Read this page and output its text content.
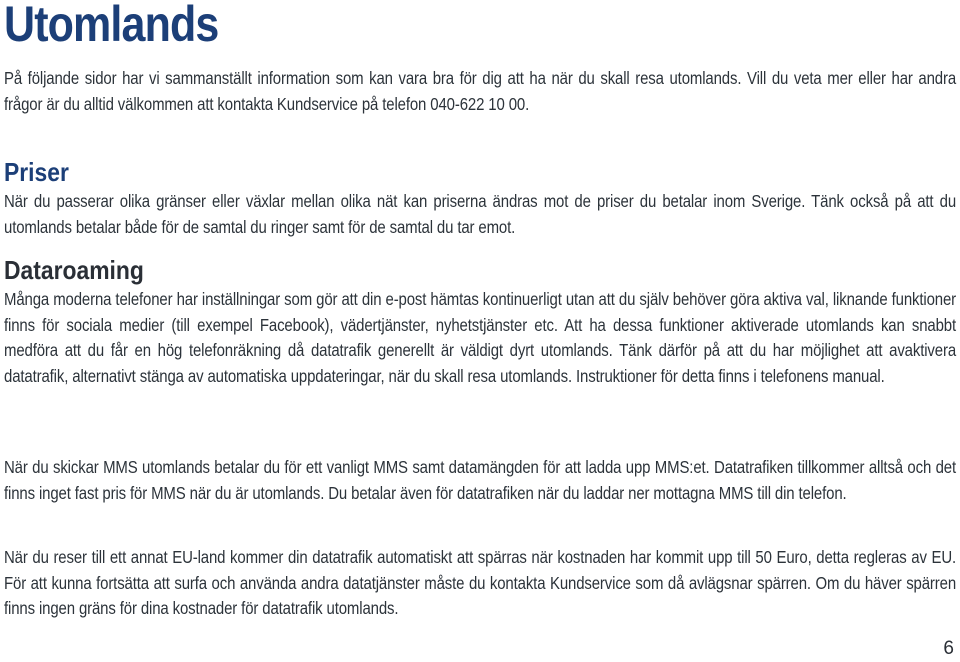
Utomlands

På följande sidor har vi sammanställt information som kan vara bra för dig att ha när du skall resa utomlands. Vill du veta mer eller har andra frågor är du alltid välkommen att kontakta Kundservice på telefon 040-622 10 00.

Priser

När du passerar olika gränser eller växlar mellan olika nät kan priserna ändras mot de priser du betalar inom Sverige. Tänk också på att du utomlands betalar både för de samtal du ringer samt för de samtal du tar emot.

Dataroaming

Många moderna telefoner har inställningar som gör att din e-post hämtas kontinuerligt utan att du själv behöver göra aktiva val, liknande funktioner finns för sociala medier (till exempel Facebook), vädertjänster, nyhetstjänster etc. Att ha dessa funktioner aktiverade utomlands kan snabbt medföra att du får en hög telefonräkning då datatrafik generellt är väldigt dyrt utomlands. Tänk därför på att du har möjlighet att avaktivera datatrafik, alternativt stänga av automatiska uppdateringar, när du skall resa utomlands. Instruktioner för detta finns i telefonens manual.

När du skickar MMS utomlands betalar du för ett vanligt MMS samt datamängden för att ladda upp MMS:et. Datatrafiken tillkommer alltså och det finns inget fast pris för MMS när du är utomlands. Du betalar även för datatrafiken när du laddar ner mottagna MMS till din telefon.

När du reser till ett annat EU-land kommer din datatrafik automatiskt att spärras när kostnaden har kommit upp till 50 Euro, detta regleras av EU. För att kunna fortsätta att surfa och använda andra datatjänster måste du kontakta Kundservice som då avlägsnar spärren. Om du häver spärren finns ingen gräns för dina kostnader för datatrafik utomlands.

6
